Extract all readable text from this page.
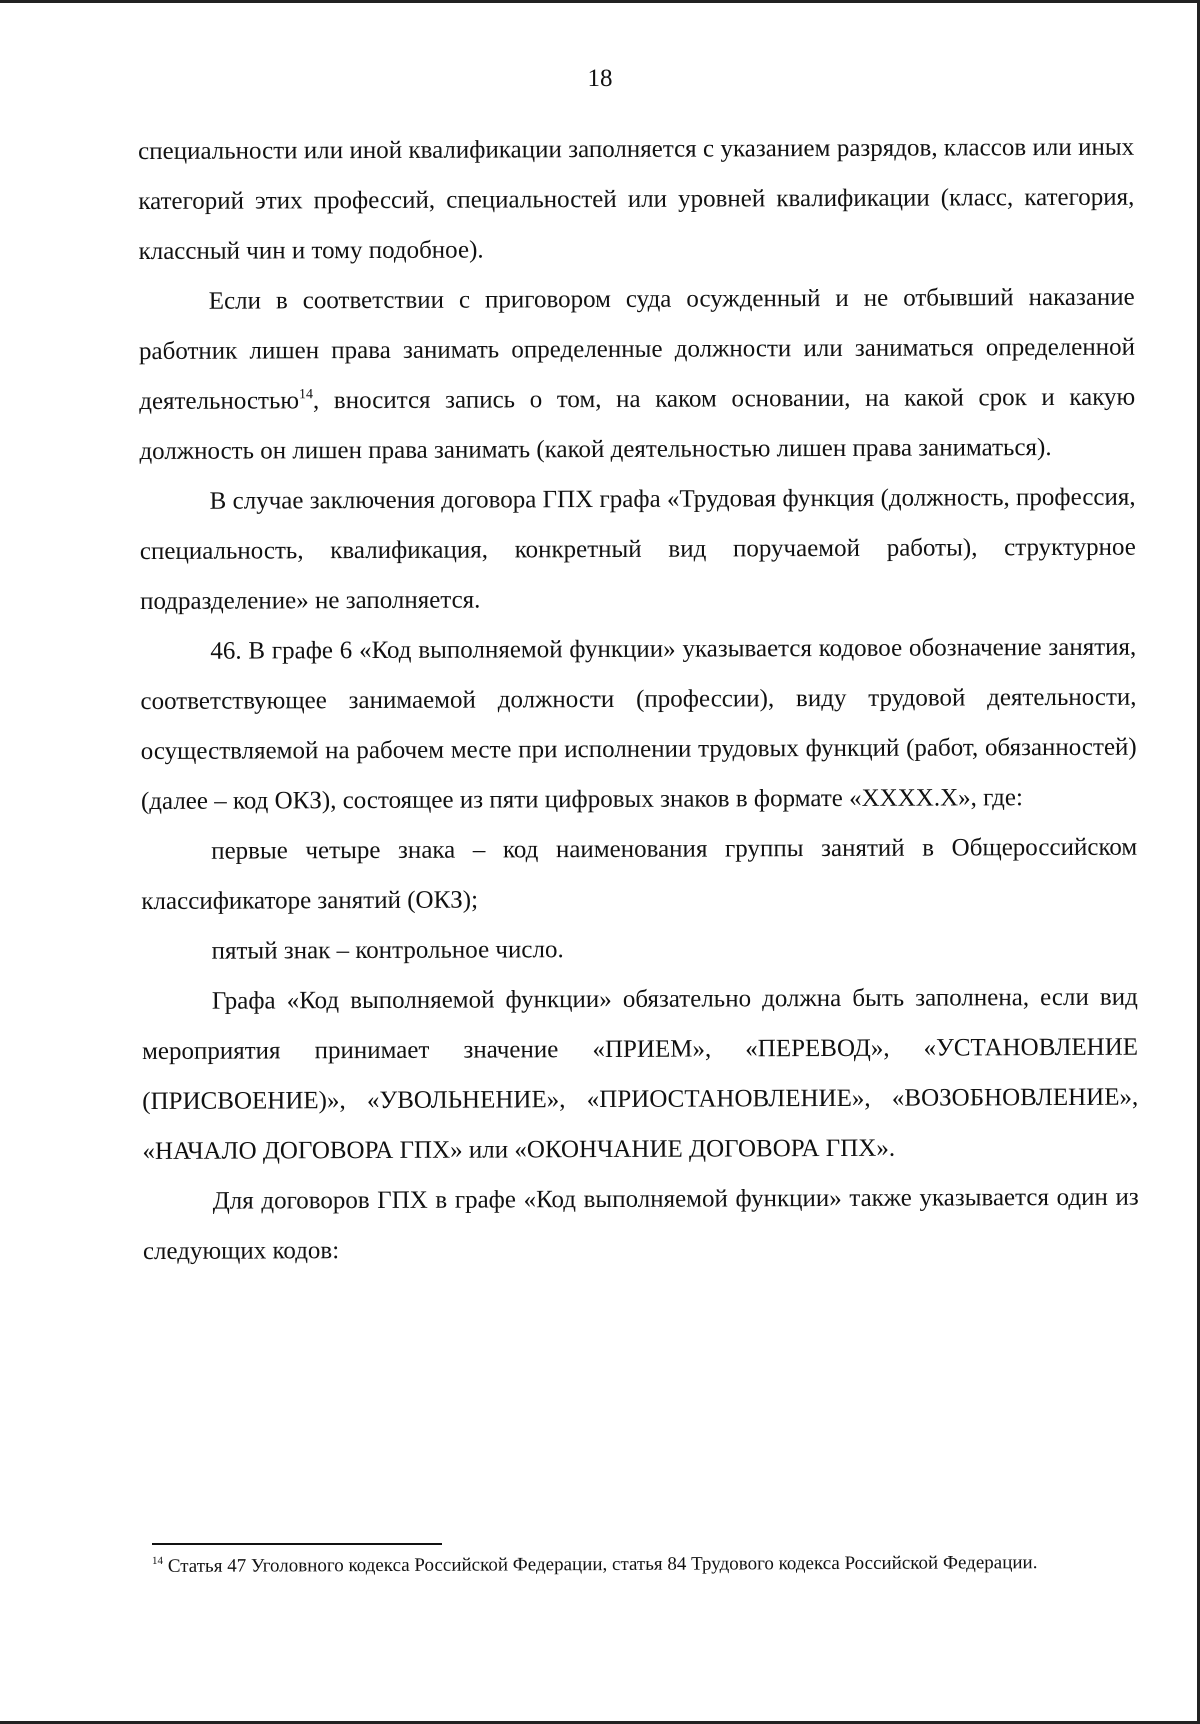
18

специальности или иной квалификации заполняется с указанием разрядов, классов или иных категорий этих профессий, специальностей или уровней квалификации (класс, категория, классный чин и тому подобное).

Если в соответствии с приговором суда осужденный и не отбывший наказание работник лишен права занимать определенные должности или заниматься определенной деятельностью$^{14}$, вносится запись о том, на каком основании, на какой срок и какую должность он лишен права занимать (какой деятельностью лишен права заниматься).

В случае заключения договора ГПХ графа «Трудовая функция (должность, профессия, специальность, квалификация, конкретный вид поручаемой работы), структурное подразделение» не заполняется.

46. В графе 6 «Код выполняемой функции» указывается кодовое обозначение занятия, соответствующее занимаемой должности (профессии), виду трудовой деятельности, осуществляемой на рабочем месте при исполнении трудовых функций (работ, обязанностей) (далее – код ОКЗ), состоящее из пяти цифровых знаков в формате «XXXX.X», где:

первые четыре знака – код наименования группы занятий в Общероссийском классификаторе занятий (ОКЗ);

пятый знак – контрольное число.

Графа «Код выполняемой функции» обязательно должна быть заполнена, если вид мероприятия принимает значение «ПРИЕМ», «ПЕРЕВОД», «УСТАНОВЛЕНИЕ (ПРИСВОЕНИЕ)», «УВОЛЬНЕНИЕ», «ПРИОСТАНОВЛЕНИЕ», «ВОЗОБНОВЛЕНИЕ», «НАЧАЛО ДОГОВОРА ГПХ» или «ОКОНЧАНИЕ ДОГОВОРА ГПХ».

Для договоров ГПХ в графе «Код выполняемой функции» также указывается один из следующих кодов:

$^{14}$ Статья 47 Уголовного кодекса Российской Федерации, статья 84 Трудового кодекса Российской Федерации.
